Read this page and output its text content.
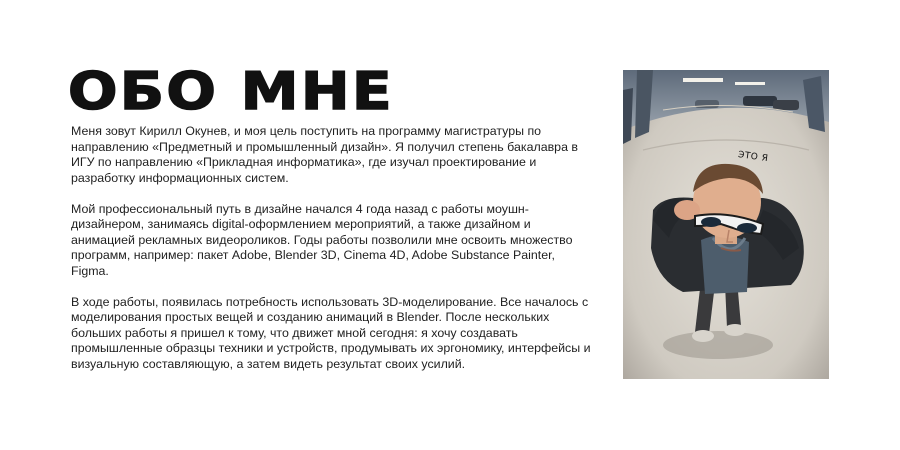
ОБО МНЕ

Меня зовут Кирилл Окунев, и моя цель поступить на программу магистратуры по направлению «Предметный и промышленный дизайн». Я получил степень бакалавра в ИГУ по направлению «Прикладная информатика», где изучал проектирование и разработку информационных систем.

Мой профессиональный путь в дизайне начался 4 года назад с работы моушн-дизайнером, занимаясь digital-оформлением мероприятий, а также дизайном и анимацией рекламных видеороликов. Годы работы позволили мне освоить множество программ, например: пакет Adobe, Blender 3D, Cinema 4D, Adobe Substance Painter, Figma.

В ходе работы, появилась потребность использовать 3D-моделирование. Все началось с моделирования простых вещей и созданию анимаций в Blender. После нескольких больших работы я пришел к тому, что движет мной сегодня: я хочу создавать промышленные образцы техники и устройств, продумывать их эргономику, интерфейсы и визуальную составляющую, а затем видеть результат своих усилий.

ЭТО Я
